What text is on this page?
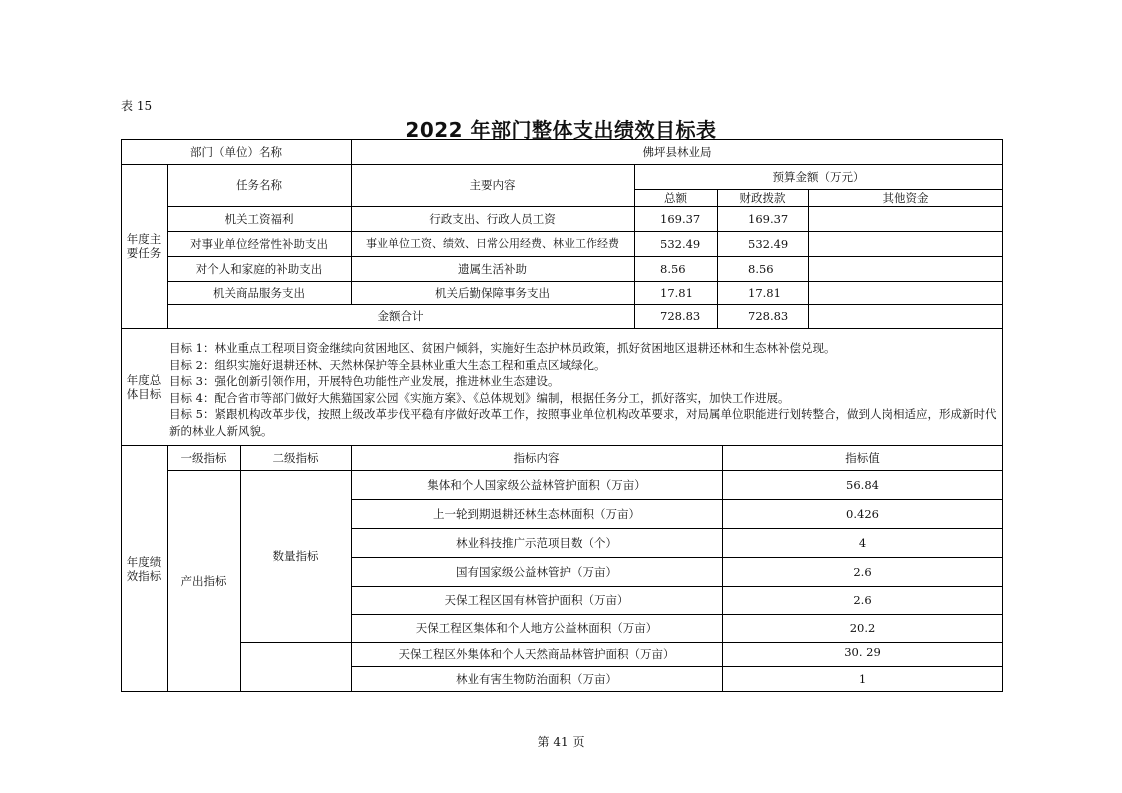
表 15
2022 年部门整体支出绩效目标表
部门（单位）名称	佛坪县林业局
年度主要任务
任务名称	主要内容
预算金额（万元）
总额	财政拨款	其他资金
机关工资福利	行政支出、行政人员工资	169.37	169.37
对事业单位经常性补助支出	事业单位工资、绩效、日常公用经费、林业工作经费	532.49	532.49
对个人和家庭的补助支出	遗属生活补助	8.56	8.56
机关商品服务支出	机关后勤保障事务支出	17.81	17.81
金额合计	728.83	728.83
年度总体目标
目标 1：林业重点工程项目资金继续向贫困地区、贫困户倾斜，实施好生态护林员政策，抓好贫困地区退耕还林和生态林补偿兑现。
目标 2：组织实施好退耕还林、天然林保护等全县林业重大生态工程和重点区域绿化。
目标 3：强化创新引领作用，开展特色功能性产业发展，推进林业生态建设。
目标 4：配合省市等部门做好大熊猫国家公园《实施方案》、《总体规划》编制，根据任务分工，抓好落实，加快工作进展。
目标 5：紧跟机构改革步伐，按照上级改革步伐平稳有序做好改革工作，按照事业单位机构改革要求，对局属单位职能进行划转整合，做到人岗相适应，形成新时代新的林业人新风貌。
年度绩效指标
一级指标	二级指标	指标内容	指标值
产出指标
数量指标
集体和个人国家级公益林管护面积（万亩）	56.84
上一轮到期退耕还林生态林面积（万亩）	0.426
林业科技推广示范项目数（个）	4
国有国家级公益林管护（万亩）	2.6
天保工程区国有林管护面积（万亩）	2.6
天保工程区集体和个人地方公益林面积（万亩）	20.2
天保工程区外集体和个人天然商品林管护面积（万亩）	30. 29
林业有害生物防治面积（万亩）	1
第 41 页
